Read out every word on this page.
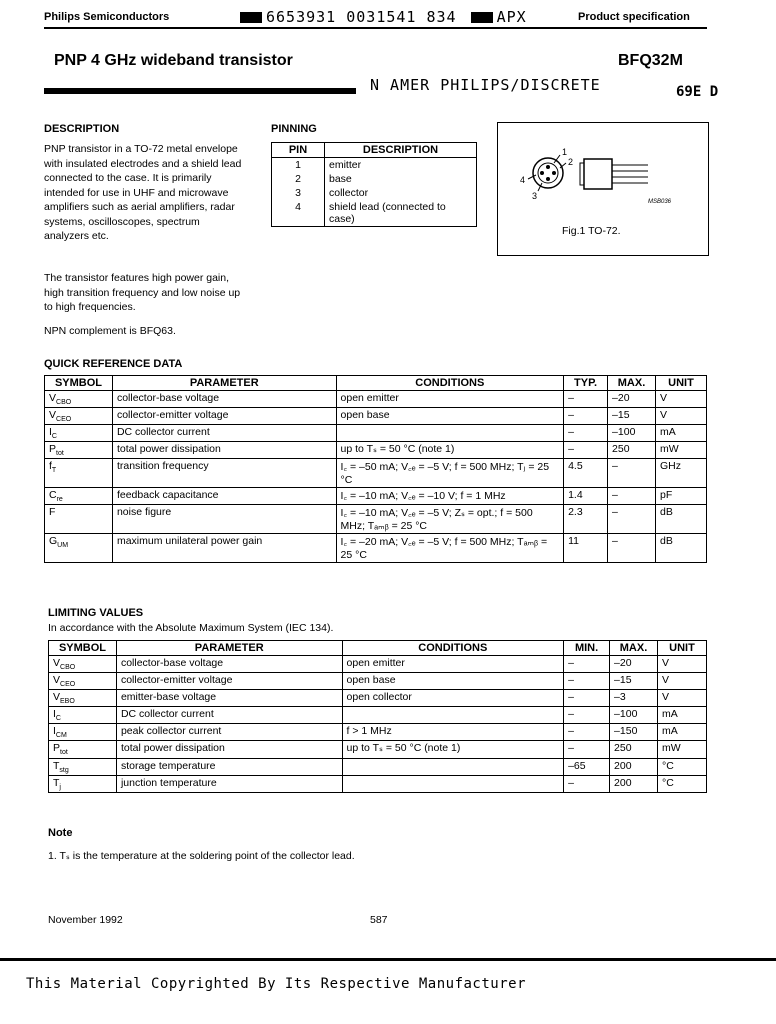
Philips Semiconductors	6653931 0031541 834	APX	Product specification
PNP 4 GHz wideband transistor	BFQ32M
N AMER PHILIPS/DISCRETE	69E D
DESCRIPTION
PNP transistor in a TO-72 metal envelope with insulated electrodes and a shield lead connected to the case. It is primarily intended for use in UHF and microwave amplifiers such as aerial amplifiers, radar systems, oscilloscopes, spectrum analyzers etc.
The transistor features high power gain, high transition frequency and low noise up to high frequencies.
NPN complement is BFQ63.
PINNING
PIN	DESCRIPTION
1	emitter
2	base
3	collector
4	shield lead (connected to case)
1
2
3
4
MSB036
Fig.1 TO-72.
QUICK REFERENCE DATA
SYMBOL	PARAMETER	CONDITIONS	TYP.	MAX.	UNIT
$V_{CBO}$	collector-base voltage	open emitter	–	–20	V
$V_{CEO}$	collector-emitter voltage	open base	–	–15	V
$I_C$	DC collector current		–	–100	mA
$P_{tot}$	total power dissipation	up to Tₛ = 50 °C (note 1)	–	250	mW
$f_T$	transition frequency	I꜀ = –50 mA; V꜀ₑ = –5 V; f = 500 MHz; Tⱼ = 25 °C	4.5	–	GHz
$C_{re}$	feedback capacitance	I꜀ = –10 mA; V꜀ₑ = –10 V; f = 1 MHz	1.4	–	pF
F	noise figure	I꜀ = –10 mA; V꜀ₑ = –5 V; Zₛ = opt.; f = 500 MHz; Tₐₘᵦ = 25 °C	2.3	–	dB
$G_{UM}$	maximum unilateral power gain	I꜀ = –20 mA; V꜀ₑ = –5 V; f = 500 MHz; Tₐₘᵦ = 25 °C	11	–	dB
LIMITING VALUES
In accordance with the Absolute Maximum System (IEC 134).
SYMBOL	PARAMETER	CONDITIONS	MIN.	MAX.	UNIT
$V_{CBO}$	collector-base voltage	open emitter	–	–20	V
$V_{CEO}$	collector-emitter voltage	open base	–	–15	V
$V_{EBO}$	emitter-base voltage	open collector	–	–3	V
$I_C$	DC collector current		–	–100	mA
$I_{CM}$	peak collector current	f > 1 MHz	–	–150	mA
$P_{tot}$	total power dissipation	up to Tₛ = 50 °C (note 1)	–	250	mW
$T_{stg}$	storage temperature		–65	200	°C
$T_j$	junction temperature		–	200	°C
Note
1. Tₛ is the temperature at the soldering point of the collector lead.
November 1992	587
This Material Copyrighted By Its Respective Manufacturer
